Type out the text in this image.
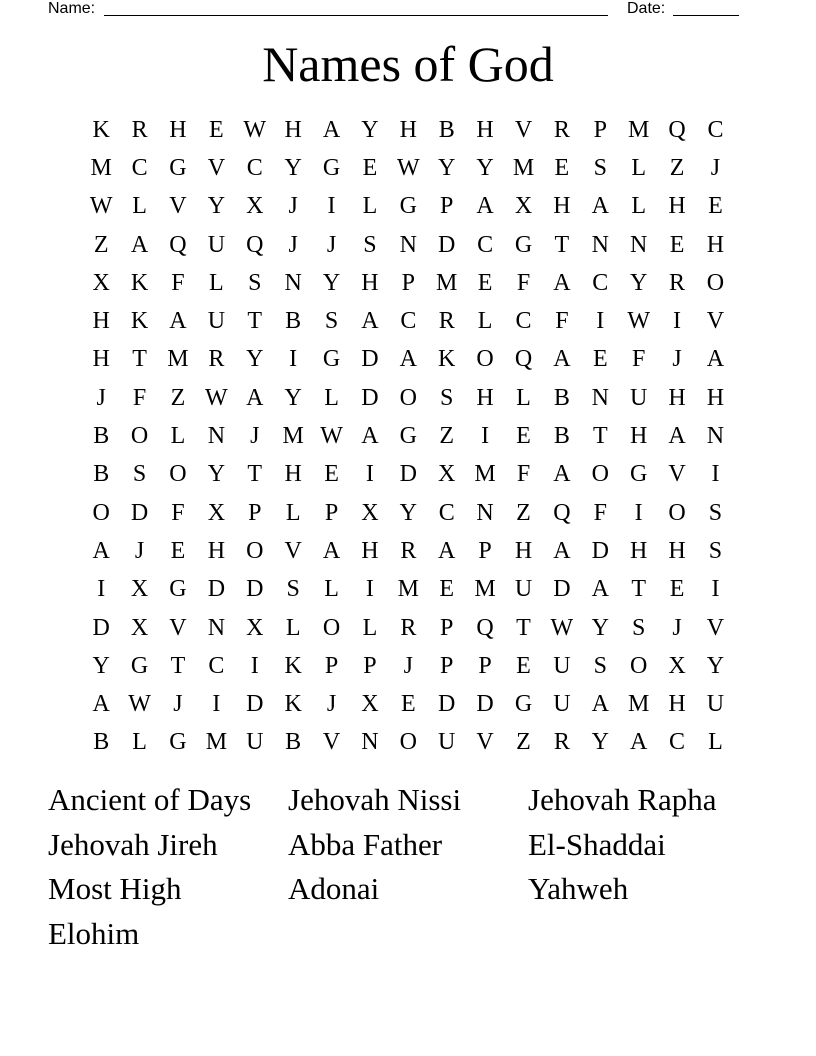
Name:	Date:
Names of God
K R H E W H A Y H B H V R P M Q C
M C G V C Y G E W Y Y M E	S	L Z	J
W L V Y X	J	I	L G P A X H A L H E
Z A Q U Q	J	J	S N D C G T N N E H
X K F	L	S N Y H P M E	F A C Y R O
H K A U T B S A C R L C F	I W I	V
H T M R Y	I	G D A K O Q A E	F	J	A
J	F	Z W A Y L D O S H L B N U H H
B O L N	J M W A G Z	I	E B T H A N
B S O Y T H E	I	D X M F A O G V	I
O D F X P	L	P X Y C N Z Q F	I	O S
A	J	E H O V A H R A P H A D H H S
I	X G D D S	L	I M E M U D A T E	I
D X V N X L O L R P Q T W Y S	J	V
Y G T C	I	K P	P	J	P	P	E U S O X Y
A W J	I	D K	J	X E D D G U A M H U
B L G M U B V N O U V Z R Y A C L
Ancient of Days	Jehovah Nissi	Jehovah Rapha
Jehovah Jireh	Abba Father	El-Shaddai
Most High	Adonai	Yahweh
Elohim
